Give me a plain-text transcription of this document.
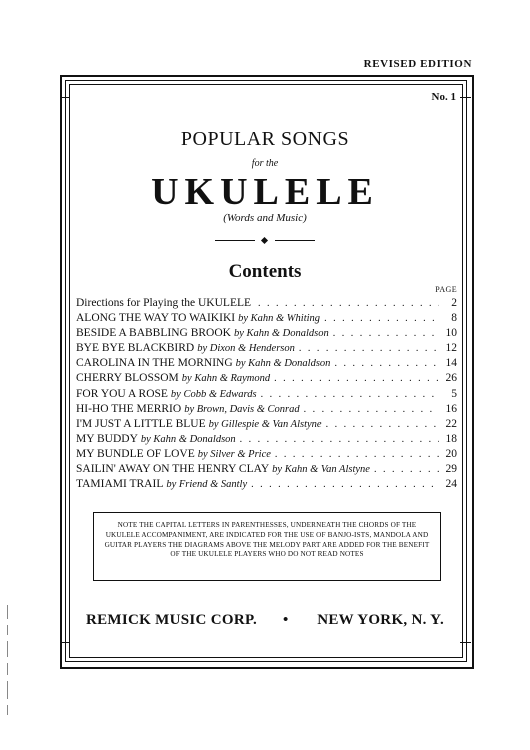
REVISED EDITION
No. 1
POPULAR SONGS
for the
UKULELE
(Words and Music)
Contents
PAGE
Directions for Playing the UKULELE . . .	2
ALONG THE WAY TO WAIKIKI by Kahn & Whiting . . .	8
BESIDE A BABBLING BROOK by Kahn & Donaldson . . .	10
BYE BYE BLACKBIRD by Dixon & Henderson . . .	12
CAROLINA IN THE MORNING by Kahn & Donaldson . . .	14
CHERRY BLOSSOM by Kahn & Raymond . . .	26
FOR YOU A ROSE by Cobb & Edwards . . .	5
HI-HO THE MERRIO by Brown, Davis & Conrad . . .	16
I'M JUST A LITTLE BLUE by Gillespie & Van Alstyne . . .	22
MY BUDDY by Kahn & Donaldson . . .	18
MY BUNDLE OF LOVE by Silver & Price . . .	20
SAILIN' AWAY ON THE HENRY CLAY by Kahn & Van Alstyne . . .	29
TAMIAMI TRAIL by Friend & Santly . . .	24
NOTE THE CAPITAL LETTERS IN PARENTHESSES, UNDERNEATH THE CHORDS OF THE UKULELE ACCOMPANIMENT, ARE INDICATED FOR THE USE OF BANJO-ISTS, MANDOLA AND GUITAR PLAYERS THE DIAGRAMS ABOVE THE MELODY PART ARE ADDED FOR THE BENEFIT OF THE UKULELE PLAYERS WHO DO NOT READ NOTES
REMICK MUSIC CORP. • NEW YORK, N. Y.
